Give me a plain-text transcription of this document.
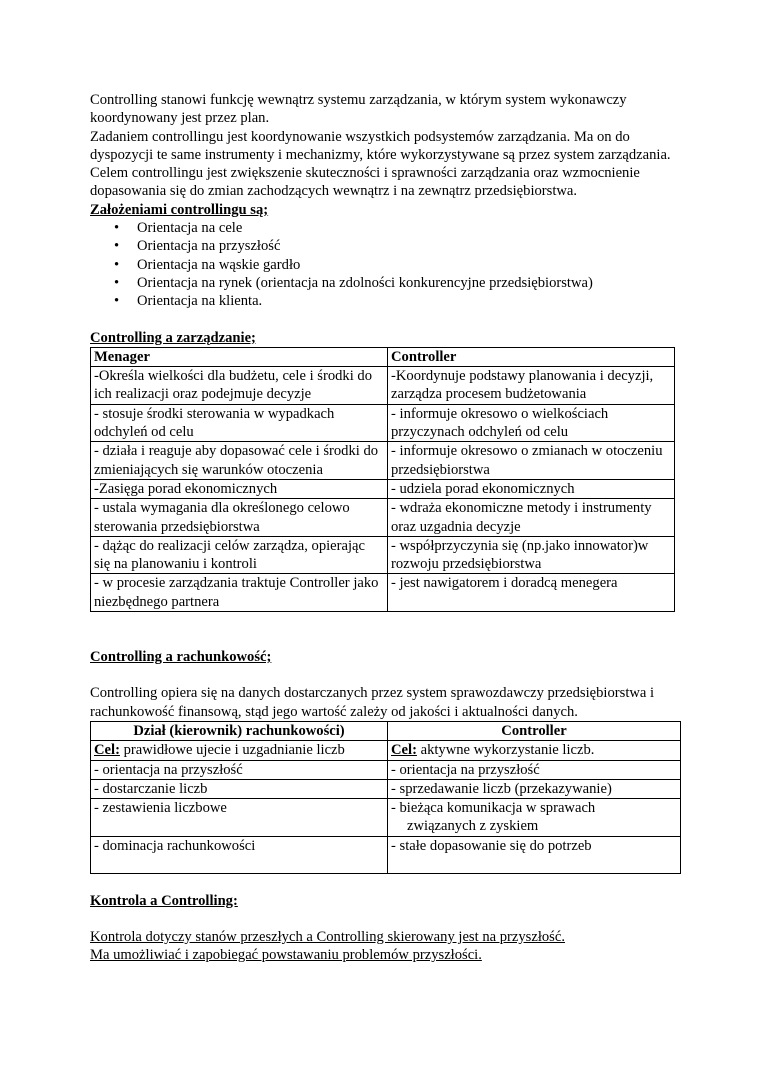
Controlling stanowi funkcję wewnątrz systemu zarządzania, w którym system wykonawczy koordynowany jest przez plan.

Zadaniem controllingu jest koordynowanie wszystkich podsystemów zarządzania. Ma on do dyspozycji te same instrumenty i mechanizmy, które wykorzystywane są przez system zarządzania. Celem controllingu jest zwiększenie skuteczności i sprawności zarządzania oraz wzmocnienie dopasowania się do zmian zachodzących wewnątrz i na zewnątrz przedsiębiorstwa.

Założeniami controllingu są;

• Orientacja na cele
• Orientacja na przyszłość
• Orientacja na wąskie gardło
• Orientacja na rynek (orientacja na zdolności konkurencyjne przedsiębiorstwa)
• Orientacja na klienta.

Controlling a zarządzanie;

Menager	Controller
-Określa wielkości dla budżetu, cele i środki do ich realizacji oraz podejmuje decyzje	-Koordynuje podstawy planowania i decyzji, zarządza procesem budżetowania
- stosuje środki sterowania w wypadkach odchyleń od celu	- informuje okresowo o wielkościach przyczynach odchyleń od celu
- działa i reaguje aby dopasować cele i środki do zmieniających się warunków otoczenia	- informuje okresowo o zmianach w otoczeniu przedsiębiorstwa
-Zasięga porad ekonomicznych	- udziela porad ekonomicznych
- ustala wymagania dla określonego celowo sterowania przedsiębiorstwa	- wdraża ekonomiczne metody i instrumenty oraz uzgadnia decyzje
- dążąc do realizacji celów zarządza, opierając się na planowaniu i kontroli	- współprzyczynia się (np.jako innowator)w rozwoju przedsiębiorstwa
- w procesie zarządzania traktuje Controller jako niezbędnego partnera	- jest nawigatorem i doradcą menegera

Controlling a rachunkowość;

Controlling opiera się na danych dostarczanych przez system sprawozdawczy przedsiębiorstwa i rachunkowość finansową, stąd jego wartość zależy od jakości i aktualności danych.

Dział (kierownik) rachunkowości)	Controller
Cel: prawidłowe ujecie i uzgadnianie liczb	Cel: aktywne wykorzystanie liczb.
- orientacja na przyszłość	- orientacja na przyszłość
- dostarczanie liczb	- sprzedawanie liczb (przekazywanie)
- zestawienia liczbowe	- bieżąca komunikacja w sprawach
związanych z zyskiem

- dominacja rachunkowości	- stałe dopasowanie się do potrzeb

Kontrola a Controlling:

Kontrola dotyczy stanów przeszłych a Controlling skierowany jest na przyszłość.

Ma umożliwiać i zapobiegać powstawaniu problemów przyszłości.
